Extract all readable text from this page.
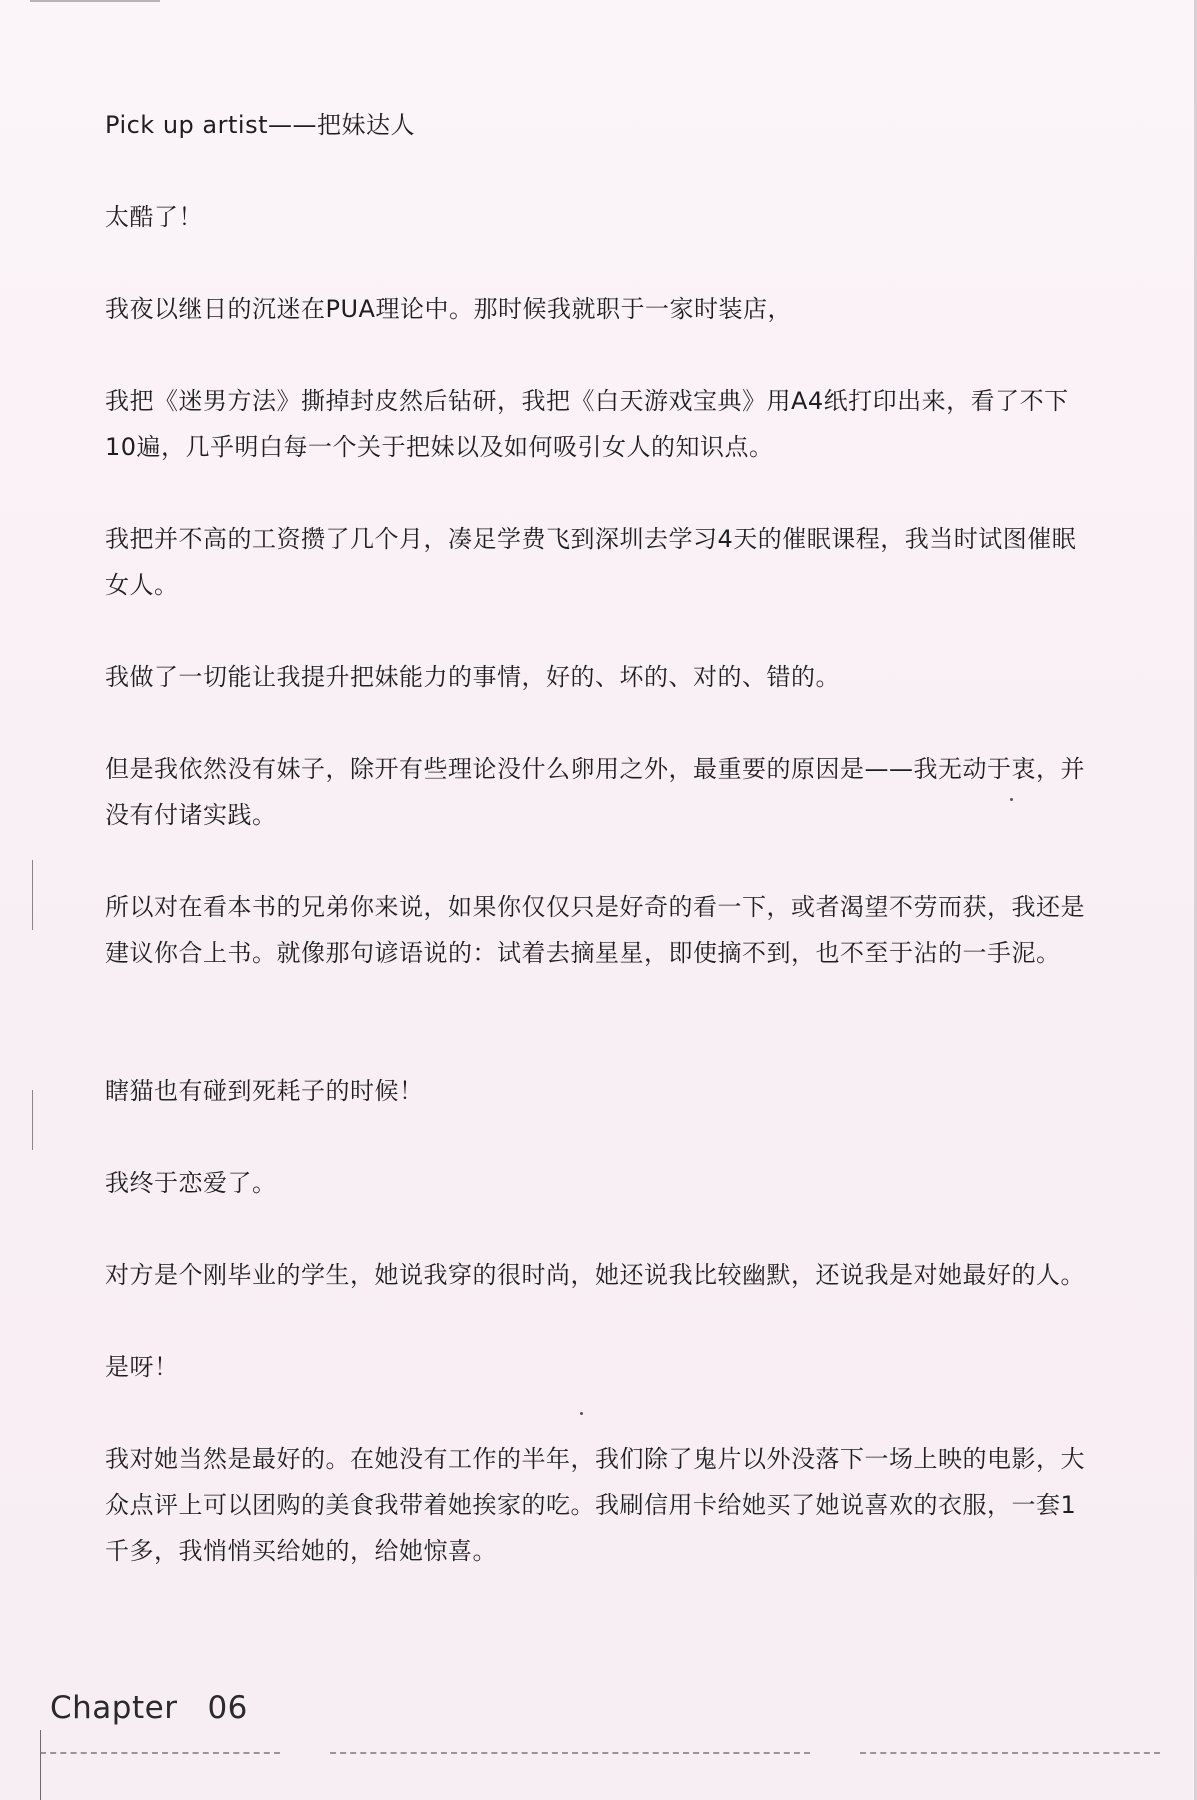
Pick up artist——把妹达人

太酷了！

我夜以继日的沉迷在PUA理论中。那时候我就职于一家时装店，

我把《迷男方法》撕掉封皮然后钻研，我把《白天游戏宝典》用A4纸打印出来，看了不下10遍，几乎明白每一个关于把妹以及如何吸引女人的知识点。

我把并不高的工资攒了几个月，凑足学费飞到深圳去学习4天的催眠课程，我当时试图催眠女人。

我做了一切能让我提升把妹能力的事情，好的、坏的、对的、错的。

但是我依然没有妹子，除开有些理论没什么卵用之外，最重要的原因是——我无动于衷，并没有付诸实践。

所以对在看本书的兄弟你来说，如果你仅仅只是好奇的看一下，或者渴望不劳而获，我还是建议你合上书。就像那句谚语说的：试着去摘星星，即使摘不到，也不至于沾的一手泥。

瞎猫也有碰到死耗子的时候！

我终于恋爱了。

对方是个刚毕业的学生，她说我穿的很时尚，她还说我比较幽默，还说我是对她最好的人。

是呀！

我对她当然是最好的。在她没有工作的半年，我们除了鬼片以外没落下一场上映的电影，大众点评上可以团购的美食我带着她挨家的吃。我刷信用卡给她买了她说喜欢的衣服，一套1千多，我悄悄买给她的，给她惊喜。

Chapter 06
